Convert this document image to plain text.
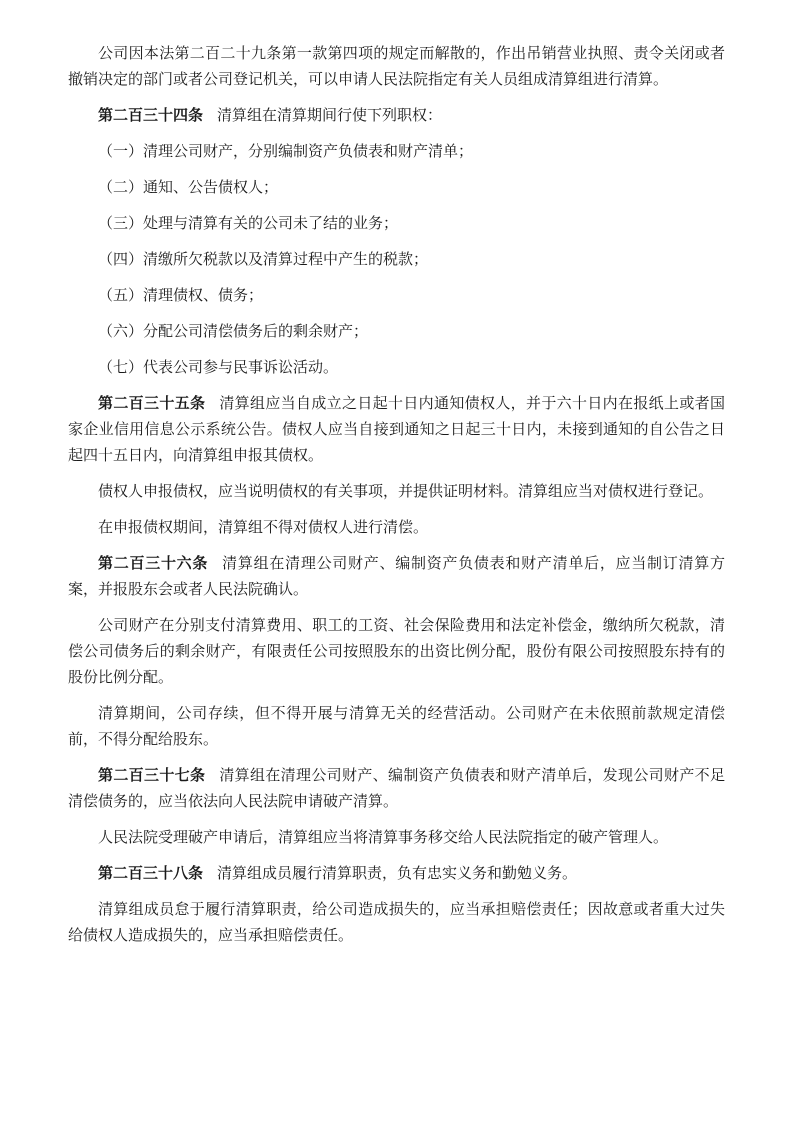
公司因本法第二百二十九条第一款第四项的规定而解散的，作出吊销营业执照、责令关闭或者撤销决定的部门或者公司登记机关，可以申请人民法院指定有关人员组成清算组进行清算。

第二百三十四条 清算组在清算期间行使下列职权：

（一）清理公司财产，分别编制资产负债表和财产清单；

（二）通知、公告债权人；

（三）处理与清算有关的公司未了结的业务；

（四）清缴所欠税款以及清算过程中产生的税款；

（五）清理债权、债务；

（六）分配公司清偿债务后的剩余财产；

（七）代表公司参与民事诉讼活动。

第二百三十五条 清算组应当自成立之日起十日内通知债权人，并于六十日内在报纸上或者国家企业信用信息公示系统公告。债权人应当自接到通知之日起三十日内，未接到通知的自公告之日起四十五日内，向清算组申报其债权。

债权人申报债权，应当说明债权的有关事项，并提供证明材料。清算组应当对债权进行登记。

在申报债权期间，清算组不得对债权人进行清偿。

第二百三十六条 清算组在清理公司财产、编制资产负债表和财产清单后，应当制订清算方案，并报股东会或者人民法院确认。

公司财产在分别支付清算费用、职工的工资、社会保险费用和法定补偿金，缴纳所欠税款，清偿公司债务后的剩余财产，有限责任公司按照股东的出资比例分配，股份有限公司按照股东持有的股份比例分配。

清算期间，公司存续，但不得开展与清算无关的经营活动。公司财产在未依照前款规定清偿前，不得分配给股东。

第二百三十七条 清算组在清理公司财产、编制资产负债表和财产清单后，发现公司财产不足清偿债务的，应当依法向人民法院申请破产清算。

人民法院受理破产申请后，清算组应当将清算事务移交给人民法院指定的破产管理人。

第二百三十八条 清算组成员履行清算职责，负有忠实义务和勤勉义务。

清算组成员怠于履行清算职责，给公司造成损失的，应当承担赔偿责任；因故意或者重大过失给债权人造成损失的，应当承担赔偿责任。
